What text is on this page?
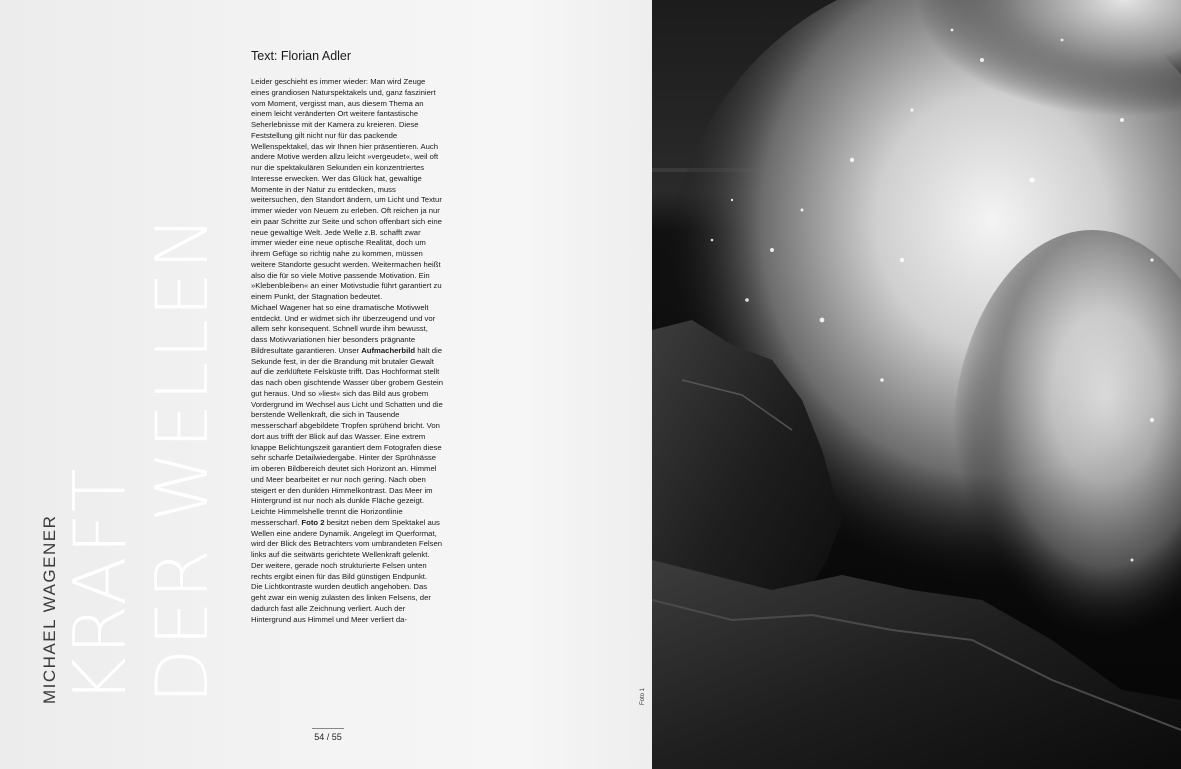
MICHAEL WAGENER KRAFT
DER WELLEN
Text: Florian Adler

Leider geschieht es immer wieder: Man wird Zeuge eines grandiosen Naturspektakels und, ganz fasziniert vom Moment, vergisst man, aus diesem Thema an einem leicht veränderten Ort weitere fantastische Seherlebnisse mit der Kamera zu kreieren. Diese Feststellung gilt nicht nur für das packende Wellenspektakel, das wir Ihnen hier präsentieren. Auch andere Motive werden allzu leicht »vergeudet«, weil oft nur die spektakulären Sekunden ein konzentriertes Interesse erwecken. Wer das Glück hat, gewaltige Momente in der Natur zu entdecken, muss weitersuchen, den Standort ändern, um Licht und Textur immer wieder von Neuem zu erleben. Oft reichen ja nur ein paar Schritte zur Seite und schon offenbart sich eine neue gewaltige Welt. Jede Welle z.B. schafft zwar immer wieder eine neue optische Realität, doch um ihrem Gefüge so richtig nahe zu kommen, müssen weitere Standorte gesucht werden. Weitermachen heißt also die für so viele Motive passende Motivation. Ein »Klebenbleiben« an einer Motivstudie führt garantiert zu einem Punkt, der Stagnation bedeutet.

Michael Wagener hat so eine dramatische Motivwelt entdeckt. Und er widmet sich ihr überzeugend und vor allem sehr konsequent. Schnell wurde ihm bewusst, dass Motivvariationen hier besonders prägnante Bildresultate garantieren. Unser Aufmacherbild hält die Sekunde fest, in der die Brandung mit brutaler Gewalt auf die zerklüftete Felsküste trifft. Das Hochformat stellt das nach oben gischtende Wasser über grobem Gestein gut heraus. Und so »liest« sich das Bild aus grobem Vordergrund im Wechsel aus Licht und Schatten und die berstende Wellenkraft, die sich in Tausende messerscharf abgebildete Tropfen sprühend bricht. Von dort aus trifft der Blick auf das Wasser. Eine extrem knappe Belichtungszeit garantiert dem Fotografen diese sehr scharfe Detailwiedergabe. Hinter der Sprühnässe im oberen Bildbereich deutet sich Horizont an. Himmel und Meer bearbeitet er nur noch gering. Nach oben steigert er den dunklen Himmelkontrast. Das Meer im Hintergrund ist nur noch als dunkle Fläche gezeigt. Leichte Himmelshelle trennt die Horizontlinie messerscharf. Foto 2 besitzt neben dem Spektakel aus Wellen eine andere Dynamik. Angelegt im Querformat, wird der Blick des Betrachters vom umbrandeten Felsen links auf die seitwärts gerichtete Wellenkraft gelenkt. Der weitere, gerade noch strukturierte Felsen unten rechts ergibt einen für das Bild günstigen Endpunkt.

Die Lichtkontraste wurden deutlich angehoben. Das geht zwar ein wenig zulasten des linken Felsens, der dadurch fast alle Zeichnung verliert. Auch der Hintergrund aus Himmel und Meer verliert da-

54 / 55
Foto 1
